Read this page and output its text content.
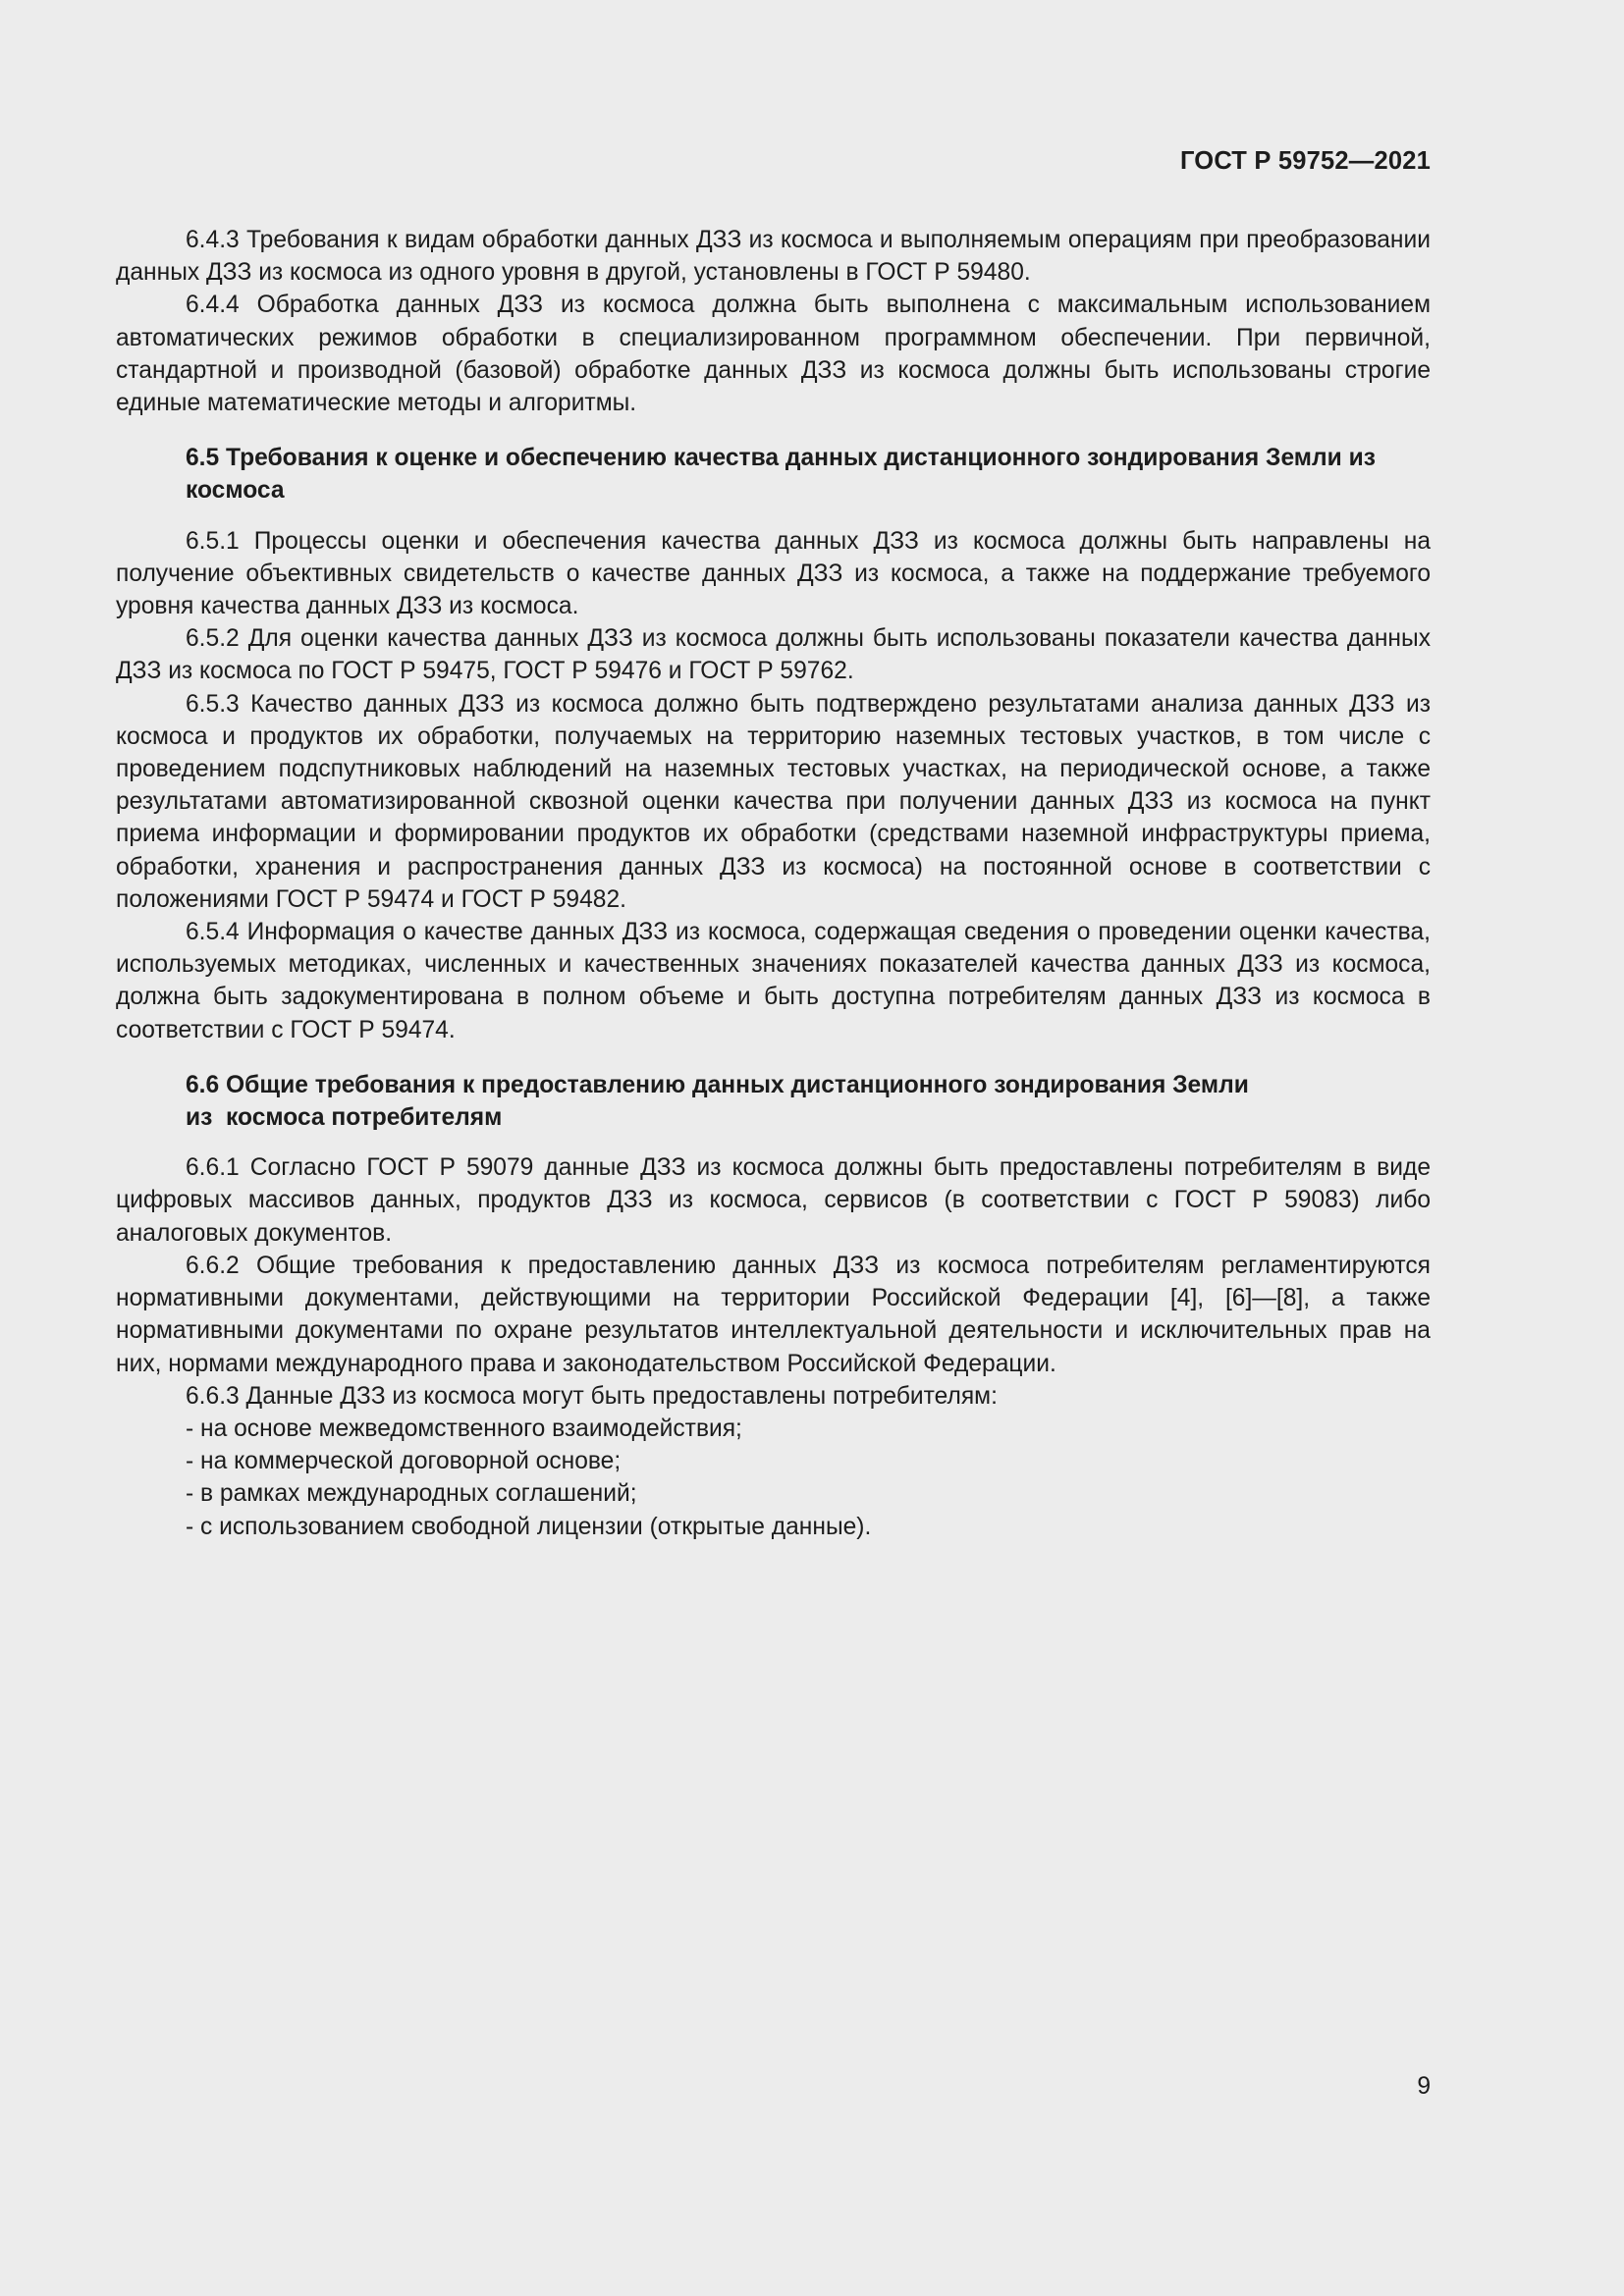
ГОСТ Р 59752—2021

6.4.3 Требования к видам обработки данных ДЗЗ из космоса и выполняемым операциям при преобразовании данных ДЗЗ из космоса из одного уровня в другой, установлены в ГОСТ Р 59480.

6.4.4 Обработка данных ДЗЗ из космоса должна быть выполнена с максимальным использованием автоматических режимов обработки в специализированном программном обеспечении. При первичной, стандартной и производной (базовой) обработке данных ДЗЗ из космоса должны быть использованы строгие единые математические методы и алгоритмы.

6.5 Требования к оценке и обеспечению качества данных дистанционного зондирования Земли из космоса

6.5.1 Процессы оценки и обеспечения качества данных ДЗЗ из космоса должны быть направлены на получение объективных свидетельств о качестве данных ДЗЗ из космоса, а также на поддержание требуемого уровня качества данных ДЗЗ из космоса.

6.5.2 Для оценки качества данных ДЗЗ из космоса должны быть использованы показатели качества данных ДЗЗ из космоса по ГОСТ Р 59475, ГОСТ Р 59476 и ГОСТ Р 59762.

6.5.3 Качество данных ДЗЗ из космоса должно быть подтверждено результатами анализа данных ДЗЗ из космоса и продуктов их обработки, получаемых на территорию наземных тестовых участков, в том числе с проведением подспутниковых наблюдений на наземных тестовых участках, на периодической основе, а также результатами автоматизированной сквозной оценки качества при получении данных ДЗЗ из космоса на пункт приема информации и формировании продуктов их обработки (средствами наземной инфраструктуры приема, обработки, хранения и распространения данных ДЗЗ из космоса) на постоянной основе в соответствии с положениями ГОСТ Р 59474 и ГОСТ Р 59482.

6.5.4 Информация о качестве данных ДЗЗ из космоса, содержащая сведения о проведении оценки качества, используемых методиках, численных и качественных значениях показателей качества данных ДЗЗ из космоса, должна быть задокументирована в полном объеме и быть доступна потребителям данных ДЗЗ из космоса в соответствии с ГОСТ Р 59474.

6.6 Общие требования к предоставлению данных дистанционного зондирования Земли
из  космоса потребителям

6.6.1 Согласно ГОСТ Р 59079 данные ДЗЗ из космоса должны быть предоставлены потребителям в виде цифровых массивов данных, продуктов ДЗЗ из космоса, сервисов (в соответствии с ГОСТ Р 59083) либо аналоговых документов.

6.6.2 Общие требования к предоставлению данных ДЗЗ из космоса потребителям регламентируются нормативными документами, действующими на территории Российской Федерации [4], [6]—[8], а также нормативными документами по охране результатов интеллектуальной деятельности и исключительных прав на них, нормами международного права и законодательством Российской Федерации.

6.6.3 Данные ДЗЗ из космоса могут быть предоставлены потребителям:

- на основе межведомственного взаимодействия;

- на коммерческой договорной основе;

- в рамках международных соглашений;

- с использованием свободной лицензии (открытые данные).

9
